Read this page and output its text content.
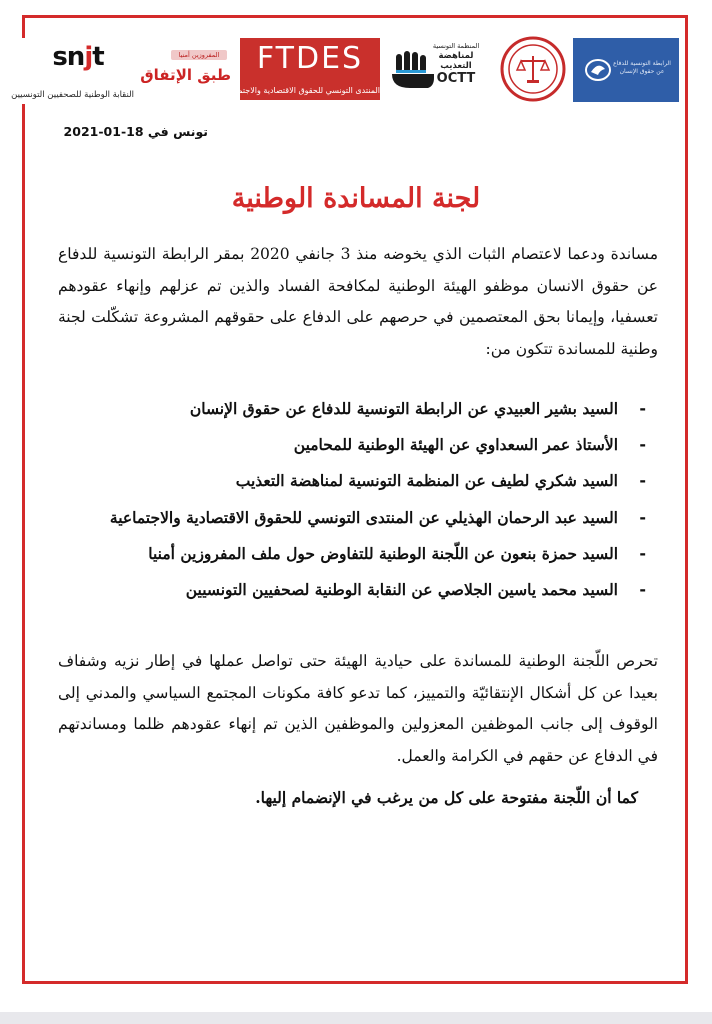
snjt
النقابة الوطنية للصحفيين التونسيين
المفروزين أمنيا
طبق الإتفاق FTDES
المنتدى التونسي للحقوق الاقتصادية والاجتماعية
المنظمة التونسية
لمناهضة
التعذيب
OCTT
الرابطة التونسية للدفاع عن حقوق الإنسان
تونس في 18-01-2021
لجنة المساندة الوطنية
مساندة ودعما لاعتصام الثبات الذي يخوضه منذ 3 جانفي 2020 بمقر الرابطة التونسية للدفاع عن حقوق الانسان موظفو الهيئة الوطنية لمكافحة الفساد والذين تم عزلهم وإنهاء عقودهم تعسفيا، وإيمانا بحق المعتصمين في حرصهم على الدفاع على حقوقهم المشروعة تشكّلت لجنة وطنية للمساندة تتكون من:
-
السيد بشير العبيدي عن الرابطة التونسية للدفاع عن حقوق الإنسان
-
الأستاذ عمر السعداوي عن الهيئة الوطنية للمحامين
-
السيد شكري لطيف عن المنظمة التونسية لمناهضة التعذيب
-
السيد عبد الرحمان الهذيلي عن المنتدى التونسي للحقوق الاقتصادية والاجتماعية
-
السيد حمزة بنعون عن اللّجنة الوطنية للتفاوض حول ملف المفروزين أمنيا
-
السيد محمد ياسين الجلاصي عن النقابة الوطنية لصحفيين التونسيين
تحرص اللّجنة الوطنية للمساندة على حيادية الهيئة حتى تواصل عملها في إطار نزيه وشفاف بعيدا عن كل أشكال الإنتقائيّة والتمييز، كما تدعو كافة مكونات المجتمع السياسي والمدني إلى الوقوف إلى جانب الموظفين المعزولين والموظفين الذين تم إنهاء عقودهم ظلما ومساندتهم في الدفاع عن حقهم في الكرامة والعمل.
كما أن اللّجنة مفتوحة على كل من يرغب في الإنضمام إليها.
